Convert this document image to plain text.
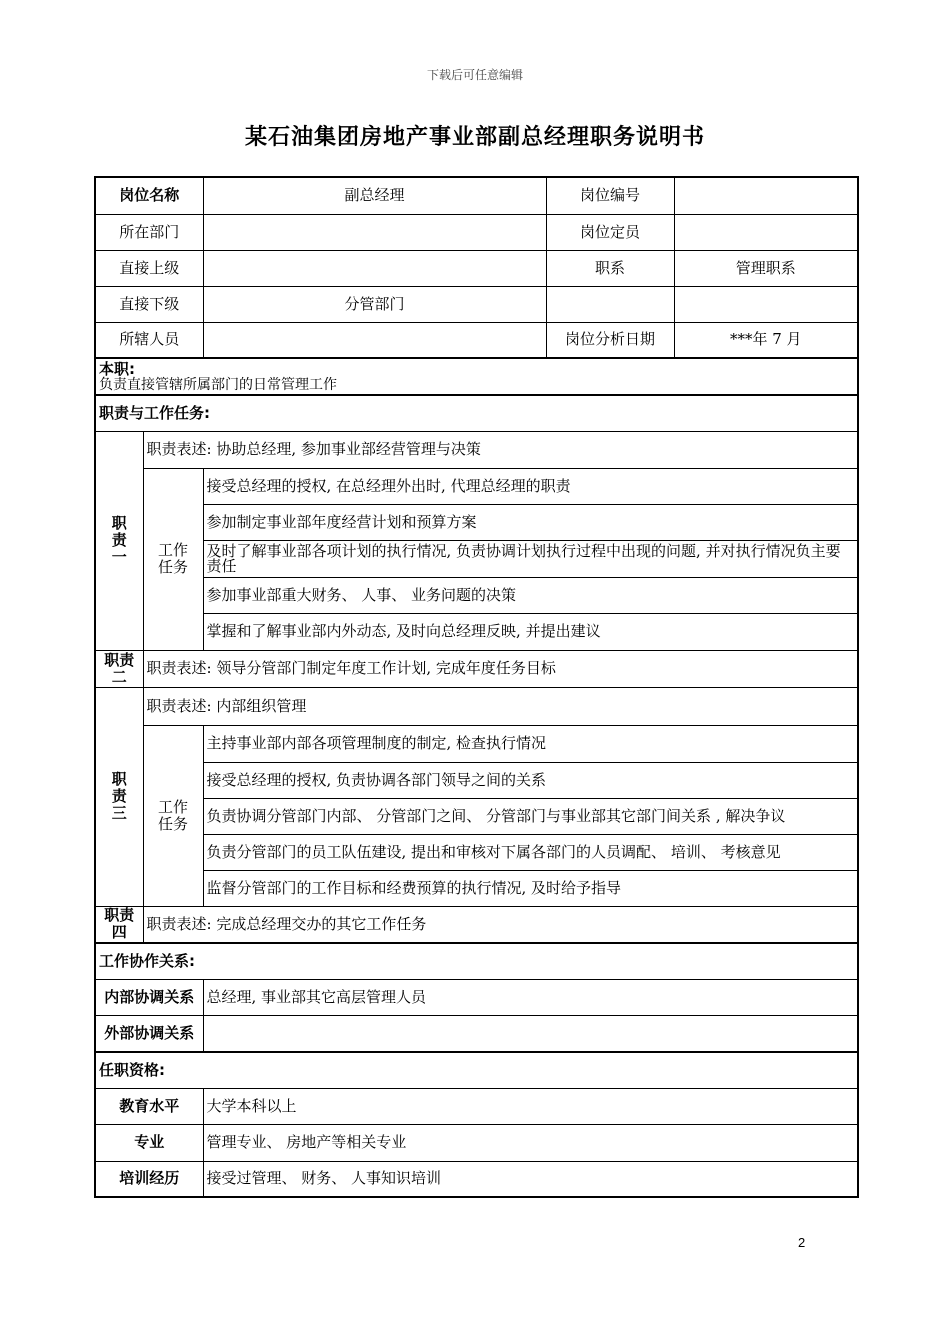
下载后可任意编辑
某石油集团房地产事业部副总经理职务说明书
岗位名称		副总经理	岗位编号	
所在部门			岗位定员	
直接上级			职系	管理职系
直接下级		分管部门		
所辖人员			岗位分析日期	***年 7 月

本职:
负责直接管辖所属部门的日常管理工作				

职责与工作任务:				
职
责
一	职责表述: 协助总经理, 参加事业部经营管理与决策			
	工作
任务	接受总经理的授权, 在总经理外出时, 代理总经理的职责		
		参加制定事业部年度经营计划和预算方案		
		及时了解事业部各项计划的执行情况, 负责协调计划执行过程中出现的问题, 并对执行情况负主要责任		
		参加事业部重大财务、 人事、 业务问题的决策		
		掌握和了解事业部内外动态, 及时向总经理反映, 并提出建议		
职责
二	职责表述: 领导分管部门制定年度工作计划, 完成年度任务目标			
职
责
三	职责表述: 内部组织管理			
	工作
任务	主持事业部内部各项管理制度的制定, 检查执行情况		
		接受总经理的授权, 负责协调各部门领导之间的关系		
		负责协调分管部门内部、 分管部门之间、 分管部门与事业部其它部门间关系 , 解决争议		
		负责分管部门的员工队伍建设, 提出和审核对下属各部门的人员调配、 培训、 考核意见		
		监督分管部门的工作目标和经费预算的执行情况, 及时给予指导		
职责
四	职责表述: 完成总经理交办的其它工作任务			
工作协作关系:				
内部协调关系		总经理, 事业部其它高层管理人员		
外部协调关系				
任职资格:				
教育水平		大学本科以上		
专业		管理专业、 房地产等相关专业		
培训经历		接受过管理、 财务、 人事知识培训		
2
